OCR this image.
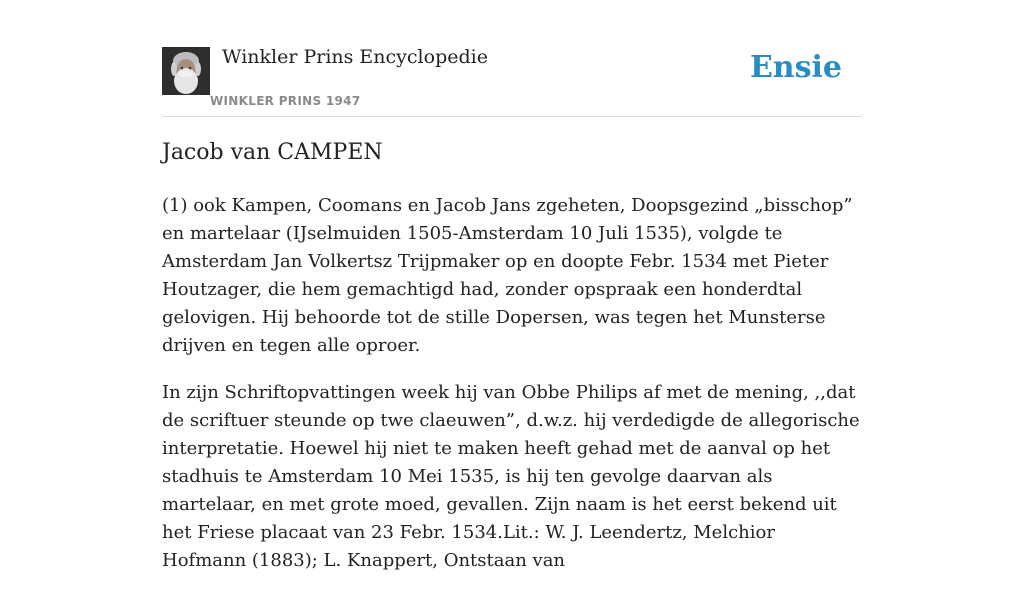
Winkler Prins Encyclopedie
WINKLER PRINS 1947
Ensie
Jacob van CAMPEN

(1) ook Kampen, Coomans en Jacob Jans zgeheten, Doopsgezind „bisschop” en martelaar (IJselmuiden 1505-Amsterdam 10 Juli 1535), volgde te Amsterdam Jan Volkertsz Trijpmaker op en doopte Febr. 1534 met Pieter Houtzager, die hem gemachtigd had, zonder opspraak een honderdtal gelovigen. Hij behoorde tot de stille Dopersen, was tegen het Munsterse drijven en tegen alle oproer.

In zijn Schriftopvattingen week hij van Obbe Philips af met de mening, ,,dat de scriftuer steunde op twe claeuwen”, d.w.z. hij verdedigde de allegorische interpretatie. Hoewel hij niet te maken heeft gehad met de aanval op het stadhuis te Amsterdam 10 Mei 1535, is hij ten gevolge daarvan als martelaar, en met grote moed, gevallen. Zijn naam is het eerst bekend uit het Friese placaat van 23 Febr. 1534.Lit.: W. J. Leendertz, Melchior Hofmann (1883); L. Knappert, Ontstaan van
